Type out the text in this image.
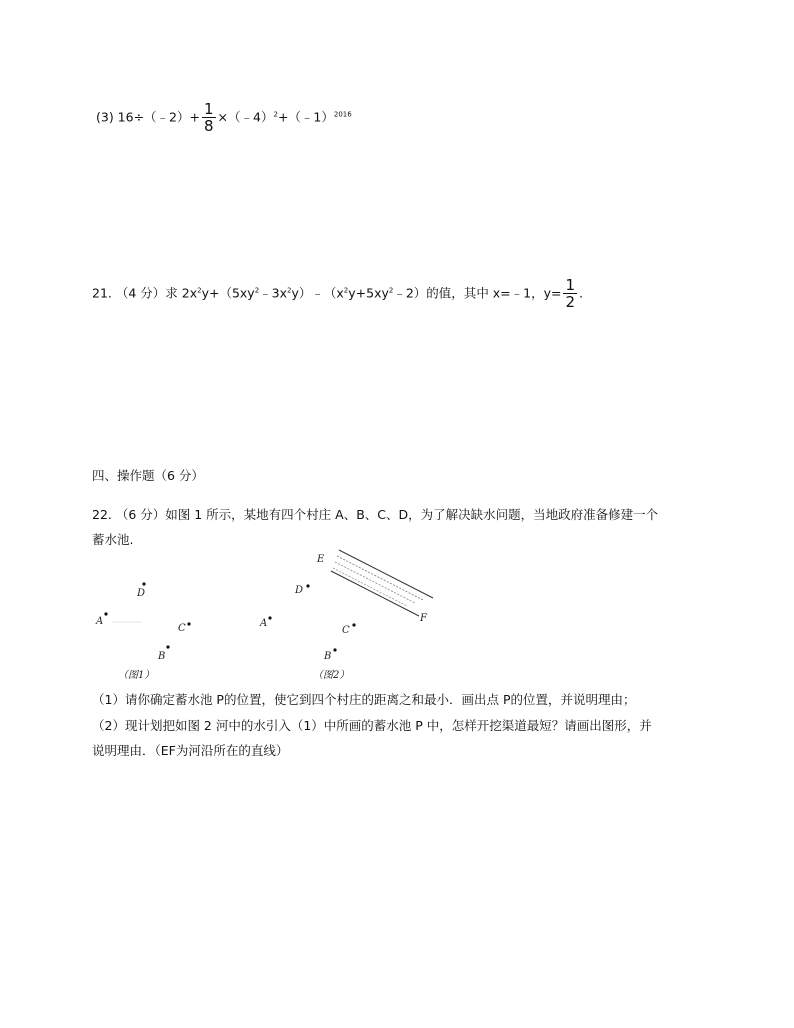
(3) 16÷（﹣2）+ $\frac{1}{8}$ ×（﹣4）$^2$+（﹣1）$^{2016}$
21. （4 分）求 $2x^2y+(5xy^2﹣3x^2y)﹣(x^2y+5xy^2﹣2)$的值，其中 x=﹣1，$y= \frac{1}{2}$ .
四、操作题（6 分）
22. （6 分）如图 1 所示，某地有四个村庄 A、B、C、D，为了解决缺水问题，当地政府准备修建一个
蓄水池.
D
A
C
B
（图1）
E
F
D
A
C
B
（图2）
（1）请你确定蓄水池 P的位置，使它到四个村庄的距离之和最小．画出点 P的位置，并说明理由；
（2）现计划把如图 2 河中的水引入（1）中所画的蓄水池 P 中，怎样开挖渠道最短？请画出图形，并
说明理由．（EF为河沿所在的直线）
